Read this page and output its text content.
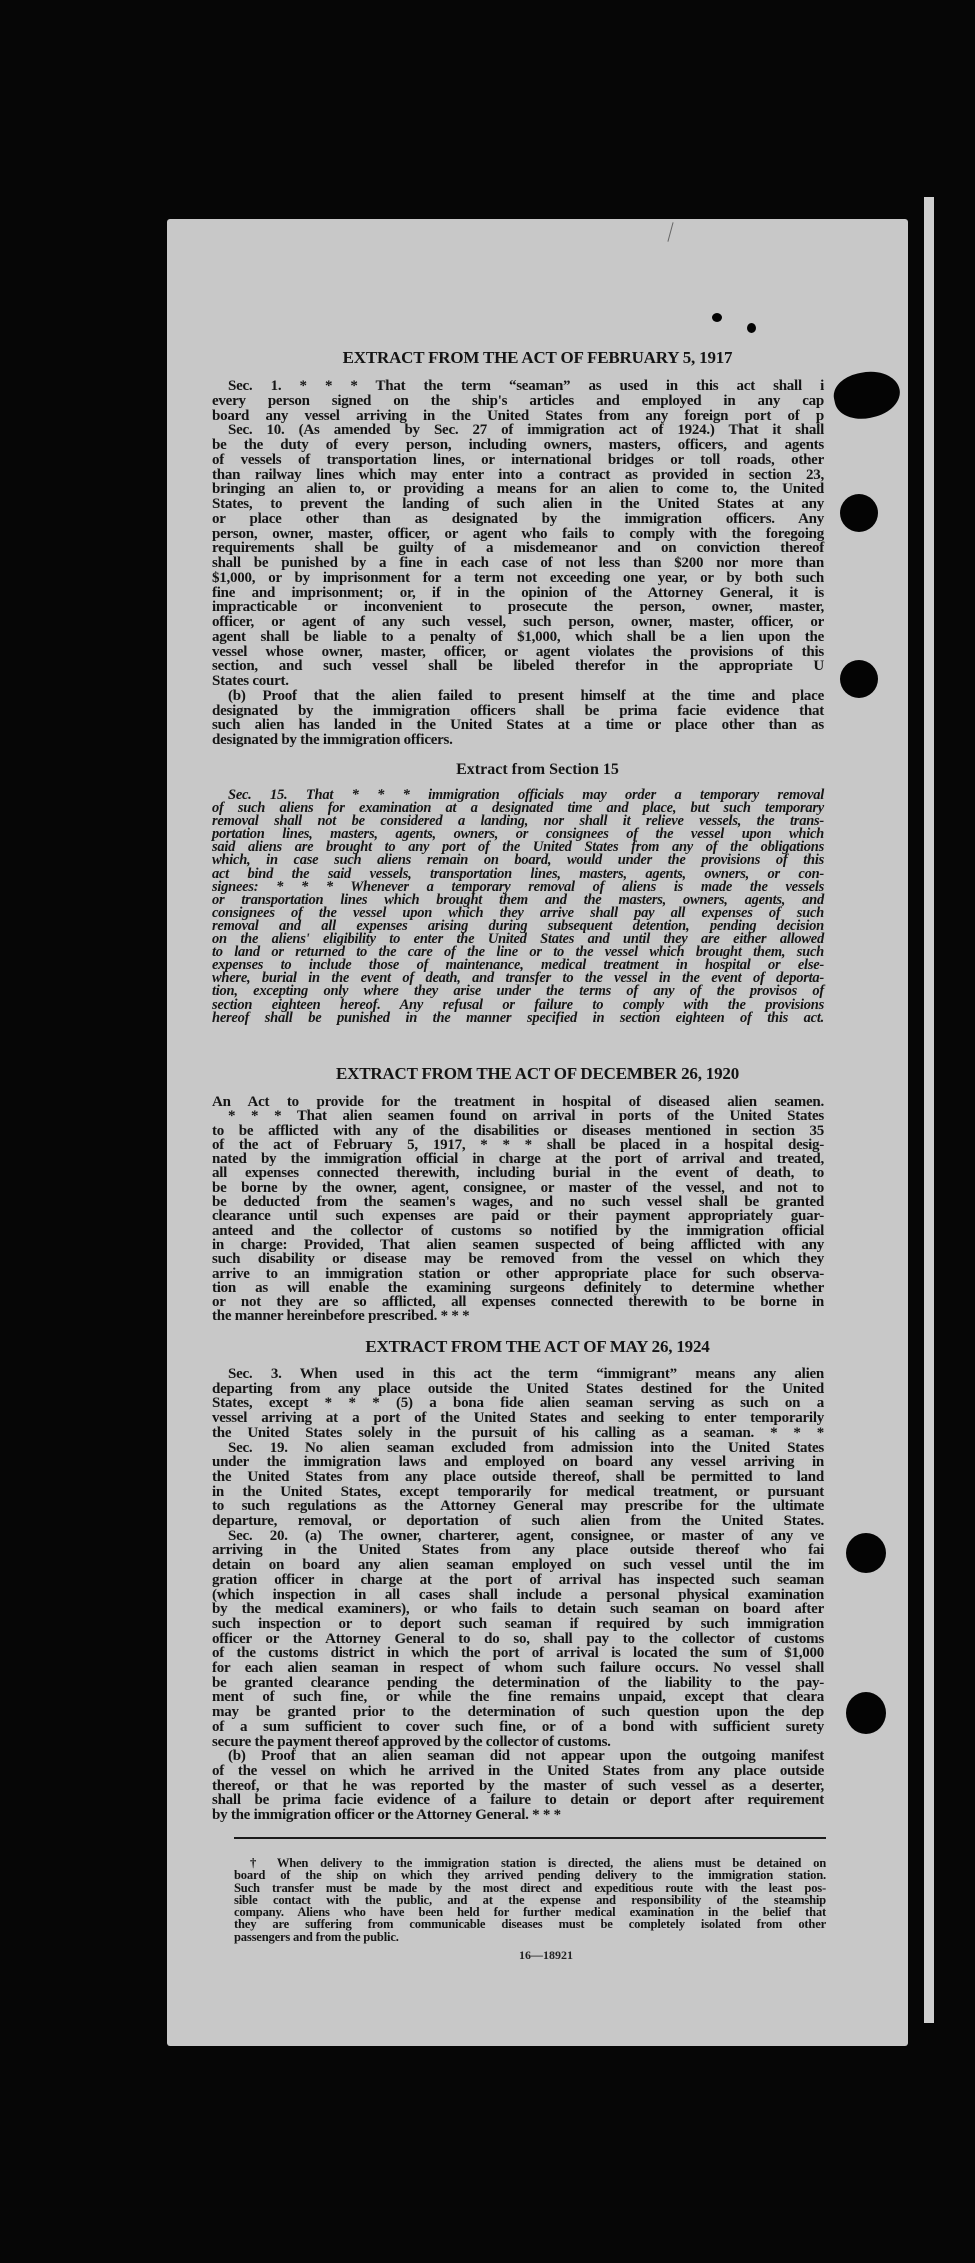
EXTRACT FROM THE ACT OF FEBRUARY 5, 1917
Sec. 1. * * * That the term “seaman” as used in this act shall i
every person signed on the ship's articles and employed in any cap
board any vessel arriving in the United States from any foreign port of p
Sec. 10. (As amended by Sec. 27 of immigration act of 1924.) That it shall
be the duty of every person, including owners, masters, officers, and agents
of vessels of transportation lines, or international bridges or toll roads, other
than railway lines which may enter into a contract as provided in section 23,
bringing an alien to, or providing a means for an alien to come to, the United
States, to prevent the landing of such alien in the United States at any
or place other than as designated by the immigration officers. Any
person, owner, master, officer, or agent who fails to comply with the foregoing
requirements shall be guilty of a misdemeanor and on conviction thereof
shall be punished by a fine in each case of not less than $200 nor more than
$1,000, or by imprisonment for a term not exceeding one year, or by both such
fine and imprisonment; or, if in the opinion of the Attorney General, it is
impracticable or inconvenient to prosecute the person, owner, master,
officer, or agent of any such vessel, such person, owner, master, officer, or
agent shall be liable to a penalty of $1,000, which shall be a lien upon the
vessel whose owner, master, officer, or agent violates the provisions of this
section, and such vessel shall be libeled therefor in the appropriate U
States court.
(b) Proof that the alien failed to present himself at the time and place
designated by the immigration officers shall be prima facie evidence that
such alien has landed in the United States at a time or place other than as
designated by the immigration officers.
Extract from Section 15
Sec. 15. That * * * immigration officials may order a temporary removal
of such aliens for examination at a designated time and place, but such temporary
removal shall not be considered a landing, nor shall it relieve vessels, the trans-
portation lines, masters, agents, owners, or consignees of the vessel upon which
said aliens are brought to any port of the United States from any of the obligations
which, in case such aliens remain on board, would under the provisions of this
act bind the said vessels, transportation lines, masters, agents, owners, or con-
signees: * * * Whenever a temporary removal of aliens is made the vessels
or transportation lines which brought them and the masters, owners, agents, and
consignees of the vessel upon which they arrive shall pay all expenses of such
removal and all expenses arising during subsequent detention, pending decision
on the aliens' eligibility to enter the United States and until they are either allowed
to land or returned to the care of the line or to the vessel which brought them, such
expenses to include those of maintenance, medical treatment in hospital or else-
where, burial in the event of death, and transfer to the vessel in the event of deporta-
tion, excepting only where they arise under the terms of any of the provisos of
section eighteen hereof. Any refusal or failure to comply with the provisions
hereof shall be punished in the manner specified in section eighteen of this act.
EXTRACT FROM THE ACT OF DECEMBER 26, 1920
An Act to provide for the treatment in hospital of diseased alien seamen.
* * * That alien seamen found on arrival in ports of the United States
to be afflicted with any of the disabilities or diseases mentioned in section 35
of the act of February 5, 1917, * * * shall be placed in a hospital desig-
nated by the immigration official in charge at the port of arrival and treated,
all expenses connected therewith, including burial in the event of death, to
be borne by the owner, agent, consignee, or master of the vessel, and not to
be deducted from the seamen's wages, and no such vessel shall be granted
clearance until such expenses are paid or their payment appropriately guar-
anteed and the collector of customs so notified by the immigration official
in charge: Provided, That alien seamen suspected of being afflicted with any
such disability or disease may be removed from the vessel on which they
arrive to an immigration station or other appropriate place for such observa-
tion as will enable the examining surgeons definitely to determine whether
or not they are so afflicted, all expenses connected therewith to be borne in
the manner hereinbefore prescribed. * * *
EXTRACT FROM THE ACT OF MAY 26, 1924
Sec. 3. When used in this act the term “immigrant” means any alien
departing from any place outside the United States destined for the United
States, except * * * (5) a bona fide alien seaman serving as such on a
vessel arriving at a port of the United States and seeking to enter temporarily
the United States solely in the pursuit of his calling as a seaman. * * *
Sec. 19. No alien seaman excluded from admission into the United States
under the immigration laws and employed on board any vessel arriving in
the United States from any place outside thereof, shall be permitted to land
in the United States, except temporarily for medical treatment, or pursuant
to such regulations as the Attorney General may prescribe for the ultimate
departure, removal, or deportation of such alien from the United States.
Sec. 20. (a) The owner, charterer, agent, consignee, or master of any ve
arriving in the United States from any place outside thereof who fai
detain on board any alien seaman employed on such vessel until the im
gration officer in charge at the port of arrival has inspected such seaman
(which inspection in all cases shall include a personal physical examination
by the medical examiners), or who fails to detain such seaman on board after
such inspection or to deport such seaman if required by such immigration
officer or the Attorney General to do so, shall pay to the collector of customs
of the customs district in which the port of arrival is located the sum of $1,000
for each alien seaman in respect of whom such failure occurs. No vessel shall
be granted clearance pending the determination of the liability to the pay-
ment of such fine, or while the fine remains unpaid, except that cleara
may be granted prior to the determination of such question upon the dep
of a sum sufficient to cover such fine, or of a bond with sufficient surety
secure the payment thereof approved by the collector of customs.
(b) Proof that an alien seaman did not appear upon the outgoing manifest
of the vessel on which he arrived in the United States from any place outside
thereof, or that he was reported by the master of such vessel as a deserter,
shall be prima facie evidence of a failure to detain or deport after requirement
by the immigration officer or the Attorney General. * * *
† When delivery to the immigration station is directed, the aliens must be detained on
board of the ship on which they arrived pending delivery to the immigration station.
Such transfer must be made by the most direct and expeditious route with the least pos-
sible contact with the public, and at the expense and responsibility of the steamship
company. Aliens who have been held for further medical examination in the belief that
they are suffering from communicable diseases must be completely isolated from other
passengers and from the public.
16—18921
